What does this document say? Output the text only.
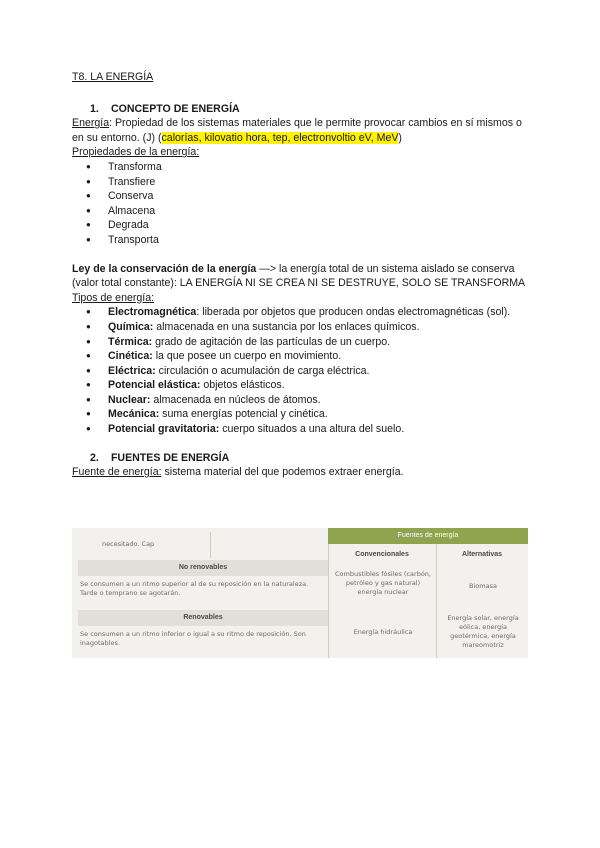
T8. LA ENERGÍA
1. CONCEPTO DE ENERGÍA
Energía: Propiedad de los sistemas materiales que le permite provocar cambios en sí mismos o en su entorno. (J) (calorías, kilovatio hora, tep, electronvoltio eV, MeV)
Propiedades de la energía:
● Transforma
● Transfiere
● Conserva
● Almacena
● Degrada
● Transporta
Ley de la conservación de la energía —> la energía total de un sistema aislado se conserva (valor total constante): LA ENERGÍA NI SE CREA NI SE DESTRUYE, SOLO SE TRANSFORMA
Tipos de energía:
● Electromagnética: liberada por objetos que producen ondas electromagnéticas (sol).
● Química: almacenada en una sustancia por los enlaces químicos.
● Térmica: grado de agitación de las partículas de un cuerpo.
● Cinética: la que posee un cuerpo en movimiento.
● Eléctrica: circulación o acumulación de carga eléctrica.
● Potencial elástica: objetos elásticos.
● Nuclear: almacenada en núcleos de átomos.
● Mecánica: suma energías potencial y cinética.
● Potencial gravitatoria: cuerpo situados a una altura del suelo.
2. FUENTES DE ENERGÍA
Fuente de energía: sistema material del que podemos extraer energía.
necesitado. Cap
Fuentes de energía
Convencionales	Alternativas
No renovables
Se consumen a un ritmo superior al de su reposición en la naturaleza. Tarde o temprano se agotarán.
Combustibles fósiles (carbón, petróleo y gas natural) energía nuclear
Biomasa
Renovables
Se consumen a un ritmo inferior o igual a su ritmo de reposición. Son inagotables.
Energía hidráulica
Energía solar, energía eólica, energía geotérmica, energía mareomotriz
